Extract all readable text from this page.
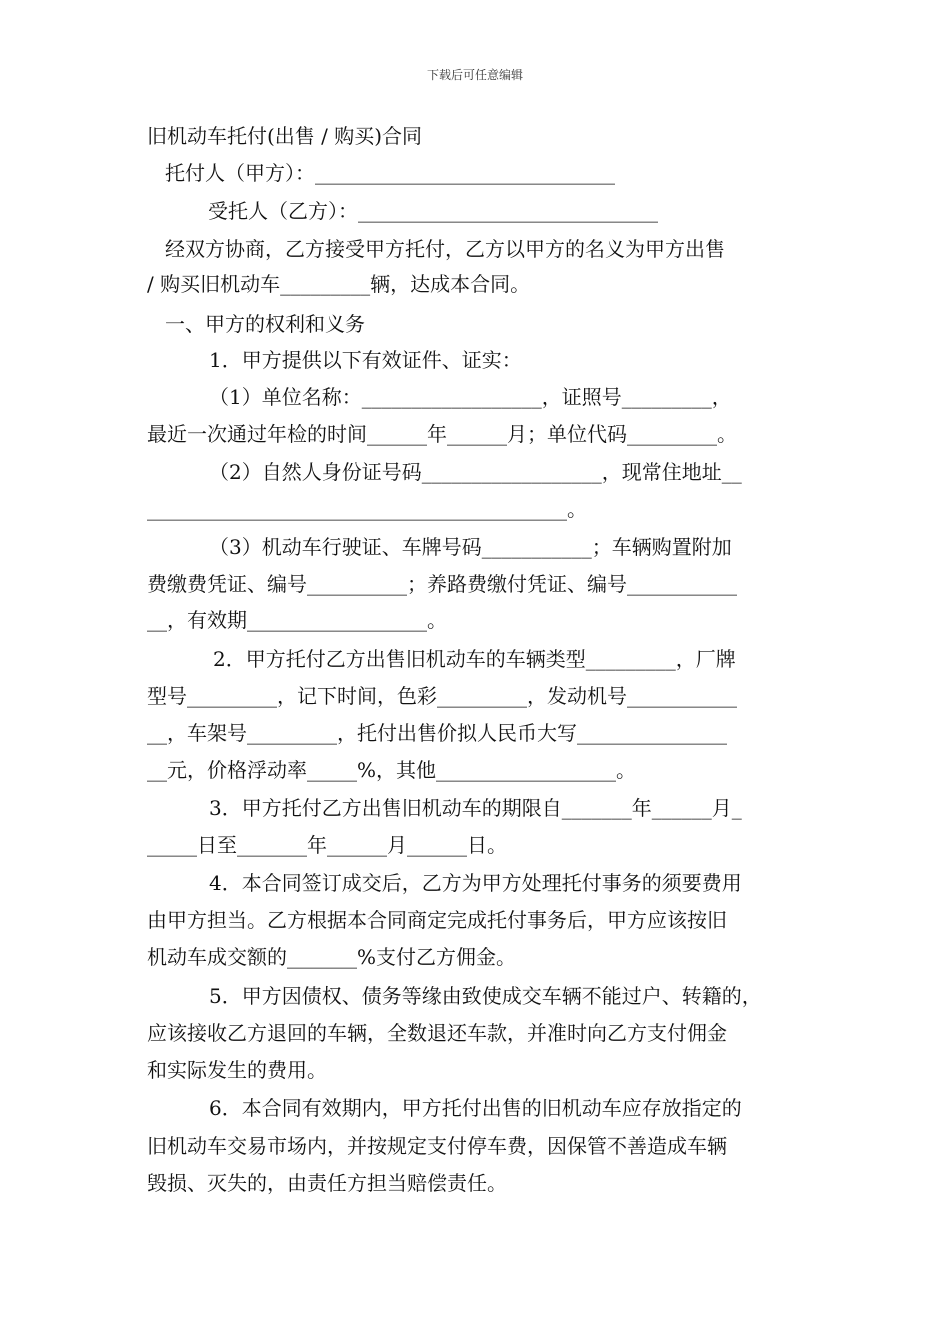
下载后可任意编辑
旧机动车托付(出售 / 购买)合同
托付人（甲方）：______________________________
受托人（乙方）：______________________________
经双方协商，乙方接受甲方托付，乙方以甲方的名义为甲方出售
/ 购买旧机动车_________辆，达成本合同。
一、甲方的权利和义务
1．甲方提供以下有效证件、证实：
（1）单位名称：__________________，证照号_________，
最近一次通过年检的时间______年______月；单位代码_________。
（2）自然人身份证号码__________________，现常住地址__
__________________________________________。
（3）机动车行驶证、车牌号码___________；车辆购置附加
费缴费凭证、编号__________；养路费缴付凭证、编号___________
__，有效期__________________。
2．甲方托付乙方出售旧机动车的车辆类型_________，厂牌
型号_________，记下时间，色彩_________，发动机号___________
__，车架号_________，托付出售价拟人民币大写_______________
__元，价格浮动率_____%，其他__________________。
3．甲方托付乙方出售旧机动车的期限自_______年______月_
_____日至_______年______月______日。
4．本合同签订成交后，乙方为甲方处理托付事务的须要费用
由甲方担当。乙方根据本合同商定完成托付事务后，甲方应该按旧
机动车成交额的_______%支付乙方佣金。
5．甲方因债权、债务等缘由致使成交车辆不能过户、转籍的，
应该接收乙方退回的车辆，全数退还车款，并准时向乙方支付佣金
和实际发生的费用。
6．本合同有效期内，甲方托付出售的旧机动车应存放指定的
旧机动车交易市场内，并按规定支付停车费，因保管不善造成车辆
毁损、灭失的，由责任方担当赔偿责任。
